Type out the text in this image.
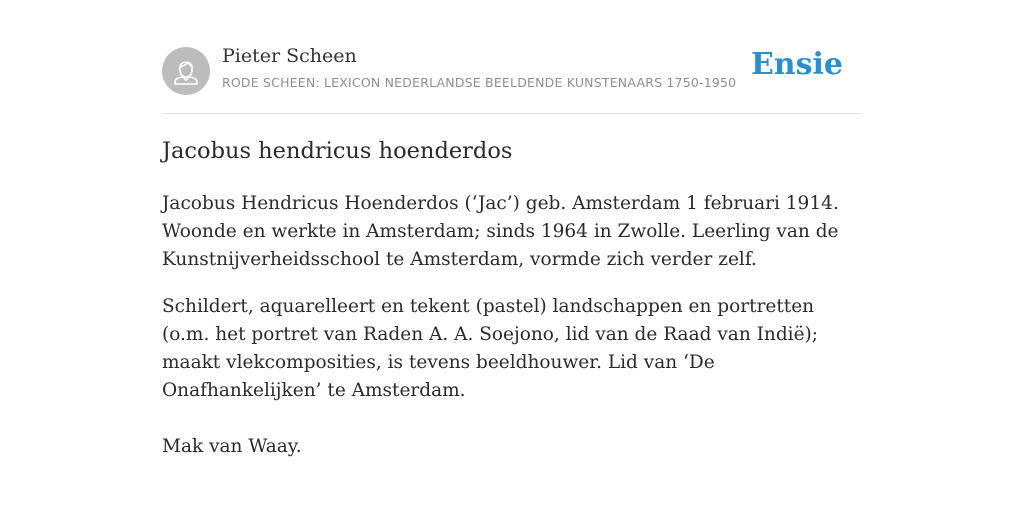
Pieter Scheen
RODE SCHEEN: LEXICON NEDERLANDSE BEELDENDE KUNSTENAARS 1750-1950
Ensie
Jacobus hendricus hoenderdos

Jacobus Hendricus Hoenderdos (‘Jac’) geb. Amsterdam 1 februari 1914. Woonde en werkte in Amsterdam; sinds 1964 in Zwolle. Leerling van de Kunstnijverheidsschool te Amsterdam, vormde zich verder zelf.

Schildert, aquarelleert en tekent (pastel) landschappen en portretten (o.m. het portret van Raden A. A. Soejono, lid van de Raad van Indië); maakt vlekcomposities, is tevens beeldhouwer. Lid van ‘De Onafhankelijken’ te Amsterdam.

Mak van Waay.
